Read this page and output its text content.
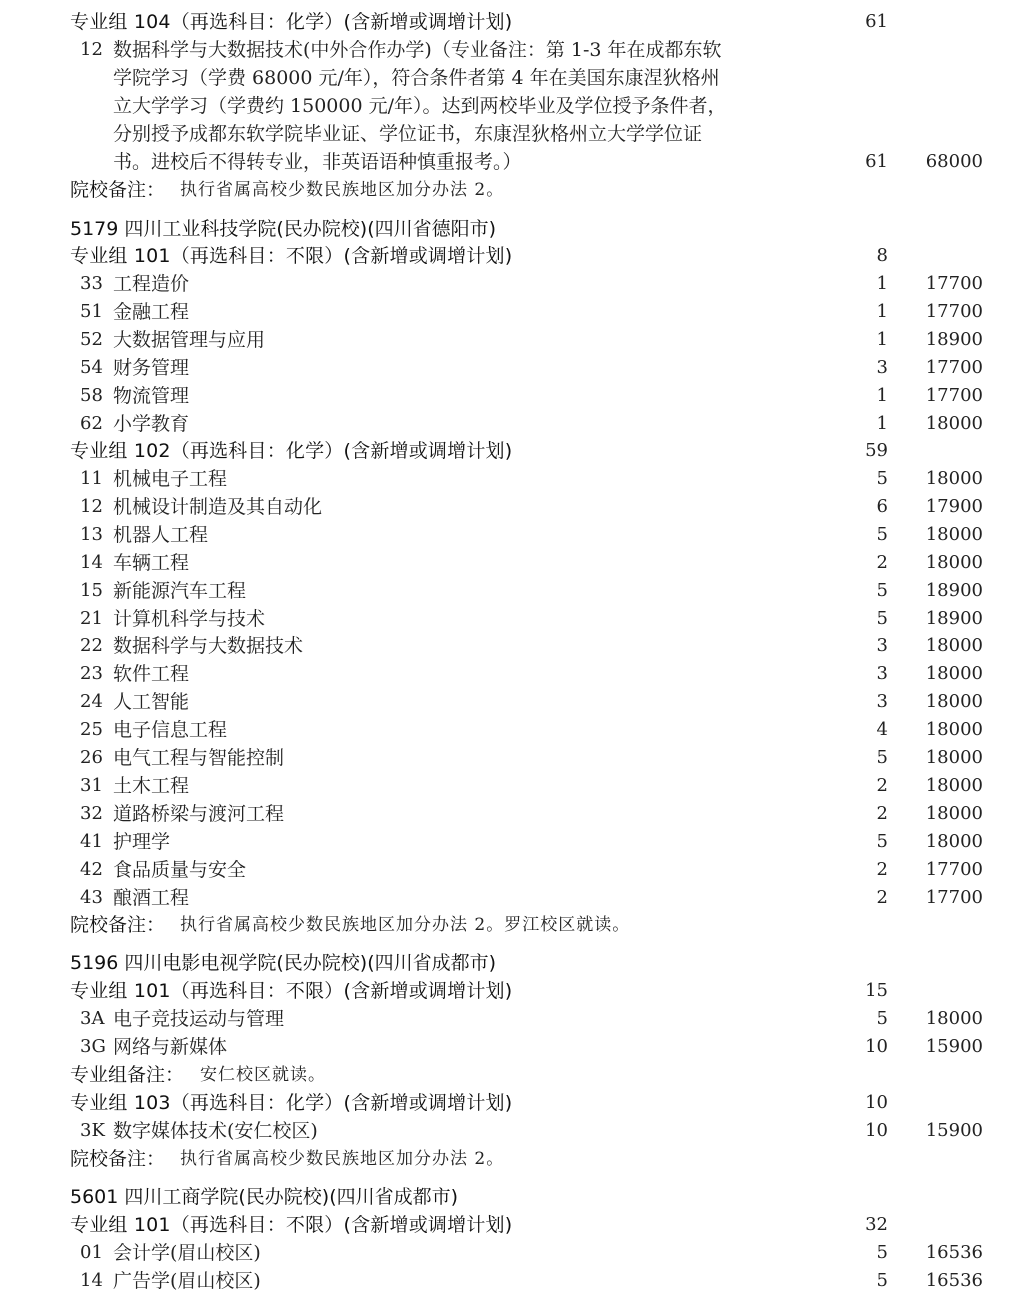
专业组 104（再选科目：化学）(含新增或调增计划)	61
12 数据科学与大数据技术(中外合作办学)（专业备注：第 1-3 年在成都东软
学院学习（学费 68000 元/年），符合条件者第 4 年在美国东康涅狄格州
立大学学习（学费约 150000 元/年）。达到两校毕业及学位授予条件者，
分别授予成都东软学院毕业证、学位证书，东康涅狄格州立大学学位证
书。进校后不得转专业，非英语语种慎重报考。）	61 68000
院校备注： 执行省属高校少数民族地区加分办法 2。
5179 四川工业科技学院(民办院校)(四川省德阳市)
专业组 101（再选科目：不限）(含新增或调增计划)	8
33 工程造价	1 17700
51 金融工程	1 17700
52 大数据管理与应用	1 18900
54 财务管理	3 17700
58 物流管理	1 17700
62 小学教育	1 18000
专业组 102（再选科目：化学）(含新增或调增计划)	59
11 机械电子工程	5 18000
12 机械设计制造及其自动化	6 17900
13 机器人工程	5 18000
14 车辆工程	2 18000
15 新能源汽车工程	5 18900
21 计算机科学与技术	5 18900
22 数据科学与大数据技术	3 18000
23 软件工程	3 18000
24 人工智能	3 18000
25 电子信息工程	4 18000
26 电气工程与智能控制	5 18000
31 土木工程	2 18000
32 道路桥梁与渡河工程	2 18000
41 护理学	5 18000
42 食品质量与安全	2 17700
43 酿酒工程	2 17700
院校备注： 执行省属高校少数民族地区加分办法 2。罗江校区就读。
5196 四川电影电视学院(民办院校)(四川省成都市)
专业组 101（再选科目：不限）(含新增或调增计划)	15
3A 电子竞技运动与管理	5 18000
3G 网络与新媒体	10 15900
专业组备注： 安仁校区就读。
专业组 103（再选科目：化学）(含新增或调增计划)	10
3K 数字媒体技术(安仁校区)	10 15900
院校备注： 执行省属高校少数民族地区加分办法 2。
5601 四川工商学院(民办院校)(四川省成都市)
专业组 101（再选科目：不限）(含新增或调增计划)	32
01 会计学(眉山校区)	5 16536
14 广告学(眉山校区)	5 16536
